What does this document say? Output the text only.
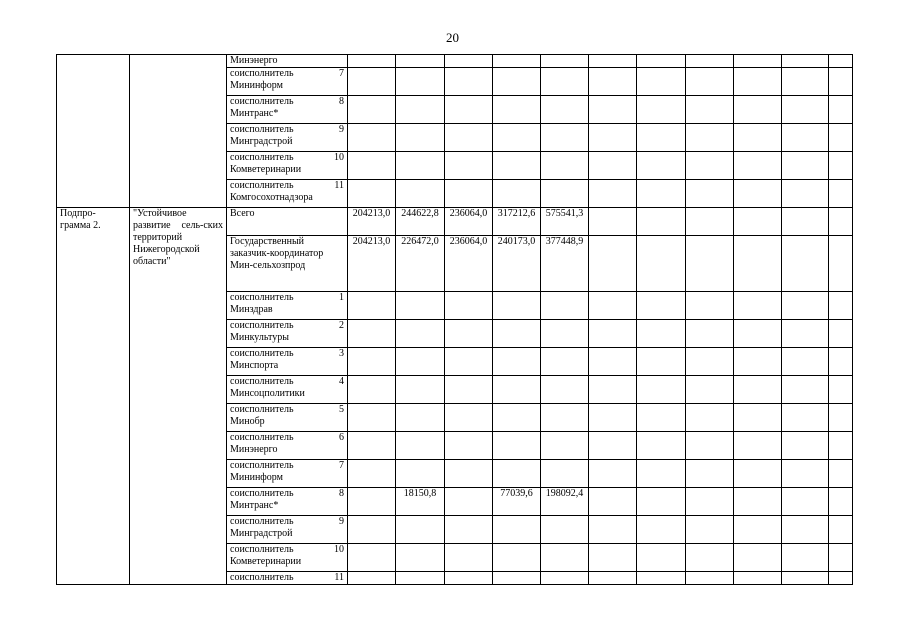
20

		Минэнерго											

		соисполнитель 7
Mининформ											

		соисполнитель 8
Минтранс*											

		соисполнитель 9
Минградстрой											

		соисполнитель 10
Комветеринарии											

		соисполнитель 11
Комгосохотнадзора											

Подпро-грамма 2.	"Устойчивое развитие сель-ских территорий Нижегородской области"	Всего	204213,0	244622,8	236064,0	317212,6	575541,3						
		Государственный заказчик-координатор Мин-сельхозпрод	204213,0	226472,0	236064,0	240173,0	377448,9						

		соисполнитель 1
Минздрав											

		соисполнитель 2
Минкультуры											

		соисполнитель 3
Минспорта											

		соисполнитель 4
Минсоцполитики											

		соисполнитель 5
Минобр											

		соисполнитель 6
Минэнерго											

		соисполнитель 7
Mининформ											

		соисполнитель 8
Минтранс*		18150,8		77039,6	198092,4						

		соисполнитель 9
Минградстрой											

		соисполнитель 10
Комветеринарии											

		соисполнитель 11											
